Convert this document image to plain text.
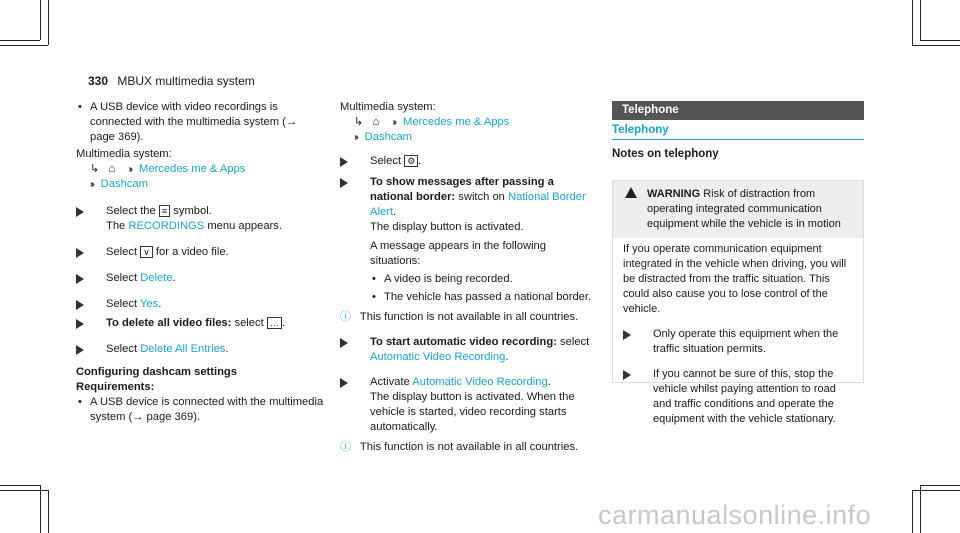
330 MBUX multimedia system

• A USB device with video recordings is connected with the multimedia system (→ page 369).

Multimedia system:

↳ ⌂ ›› Mercedes me & Apps

›› Dashcam

Select the ≡ symbol.
The RECORDINGS menu appears.

Select ∨ for a video file.

Select Delete.

Select Yes.

To delete all video files: select … .

Select Delete All Entries.

Configuring dashcam settings

Requirements:

• A USB device is connected with the multimedia system (→ page 369).

Multimedia system:

↳ ⌂ ›› Mercedes me & Apps

›› Dashcam

Select ⚙ .

To show messages after passing a national border: switch on National Border Alert.
The display button is activated.

A message appears in the following situations:

• A video is being recorded.

• The vehicle has passed a national border.

ⓘ This function is not available in all countries.

To start automatic video recording: select Automatic Video Recording.

Activate Automatic Video Recording.
The display button is activated. When the vehicle is started, video recording starts automatically.

ⓘ This function is not available in all countries.

Telephone
Telephony
Notes on telephony
WARNING Risk of distraction from operating integrated communication equipment while the vehicle is in motion

If you operate communication equipment integrated in the vehicle when driving, you will be distracted from the traffic situation. This could also cause you to lose control of the vehicle.

Only operate this equipment when the traffic situation permits.

If you cannot be sure of this, stop the vehicle whilst paying attention to road and traffic conditions and operate the equipment with the vehicle stationary.

carmanualsonline.info
